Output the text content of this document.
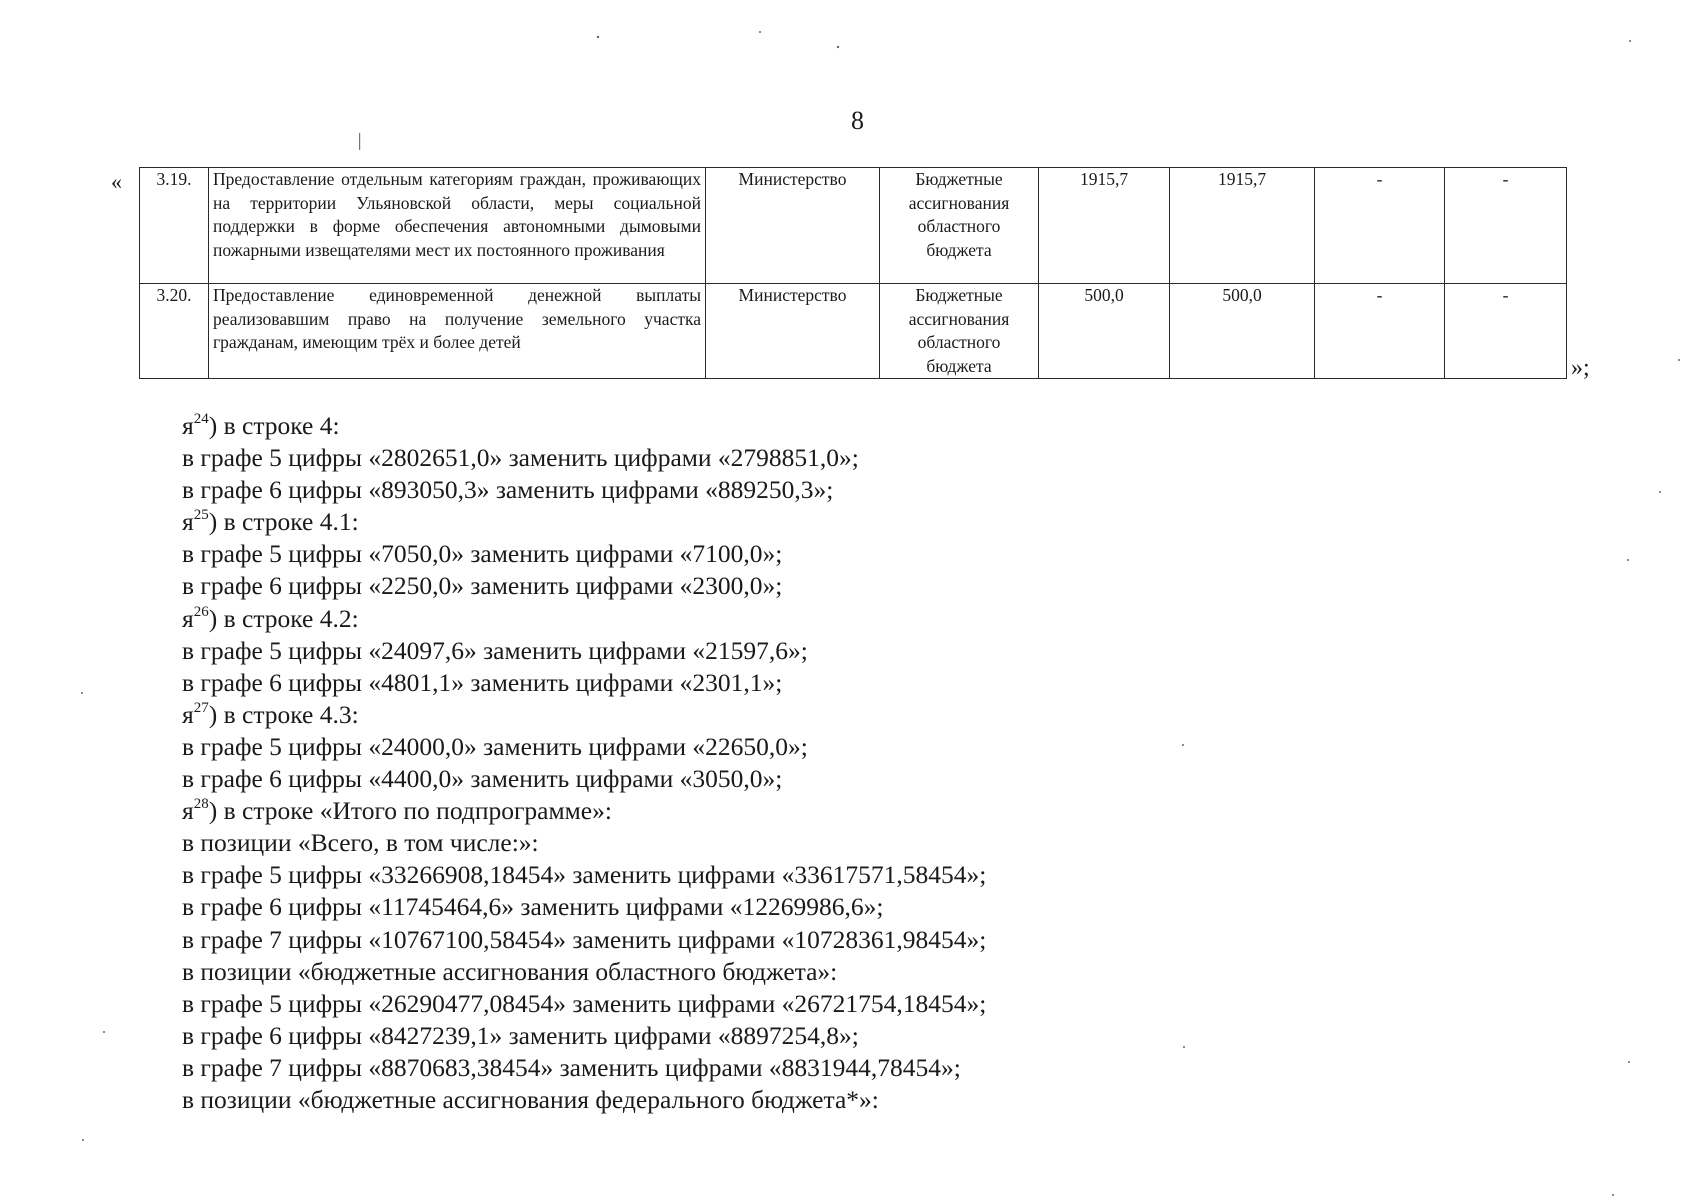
8
« 3.19.	Предоставление отдельным категориям граждан, проживающих на территории Ульяновской области, меры социальной поддержки в форме обеспечения автономными дымовыми пожарными извещателями мест их постоянного проживания	Министерство	Бюджетные ассигнования областного бюджета	1915,7	1915,7	-	-
3.20.	Предоставление единовременной денежной выплаты реализовавшим право на получение земельного участка гражданам, имеющим трёх и более детей	Министерство	Бюджетные ассигнования областного бюджета	500,0	500,0	-	-
»;
$я^{24}$) в строке 4:
в графе 5 цифры «2802651,0» заменить цифрами «2798851,0»;
в графе 6 цифры «893050,3» заменить цифрами «889250,3»;
$я^{25}$) в строке 4.1:
в графе 5 цифры «7050,0» заменить цифрами «7100,0»;
в графе 6 цифры «2250,0» заменить цифрами «2300,0»;
$я^{26}$) в строке 4.2:
в графе 5 цифры «24097,6» заменить цифрами «21597,6»;
в графе 6 цифры «4801,1» заменить цифрами «2301,1»;
$я^{27}$) в строке 4.3:
в графе 5 цифры «24000,0» заменить цифрами «22650,0»;
в графе 6 цифры «4400,0» заменить цифрами «3050,0»;
$я^{28}$) в строке «Итого по подпрограмме»:
в позиции «Всего, в том числе:»:
в графе 5 цифры «33266908,18454» заменить цифрами «33617571,58454»;
в графе 6 цифры «11745464,6» заменить цифрами «12269986,6»;
в графе 7 цифры «10767100,58454» заменить цифрами «10728361,98454»;
в позиции «бюджетные ассигнования областного бюджета»:
в графе 5 цифры «26290477,08454» заменить цифрами «26721754,18454»;
в графе 6 цифры «8427239,1» заменить цифрами «8897254,8»;
в графе 7 цифры «8870683,38454» заменить цифрами «8831944,78454»;
в позиции «бюджетные ассигнования федерального бюджета*»:
